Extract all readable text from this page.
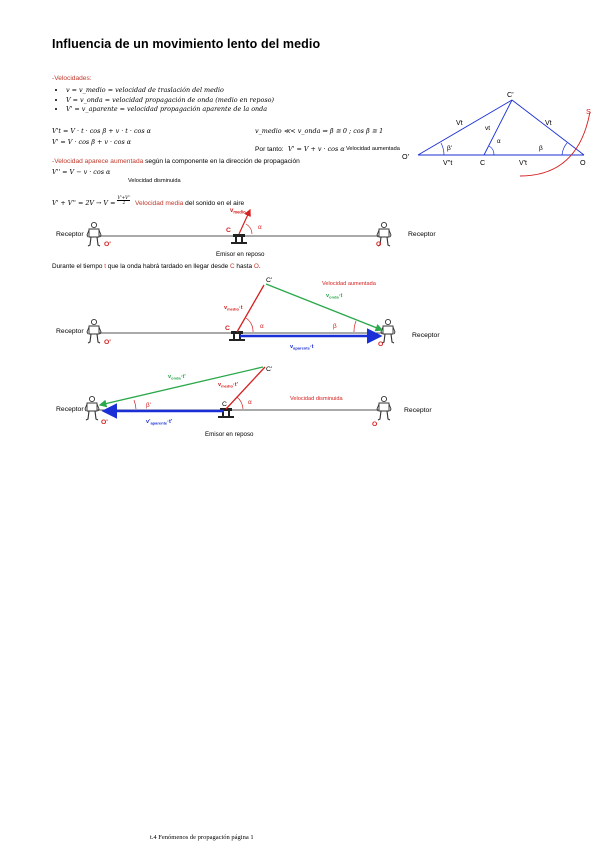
Influencia de un movimiento lento del medio
-Velocidades:
• v = v_medio = velocidad de traslación del medio
• V = v_onda = velocidad propagación de onda (medio en reposo)
• V' = v_aparente = velocidad propagación aparente de la onda
V't = V · t · cos β + v · t · cos α
V' = V · cos β + v · cos α
v_medio ≪< v_onda ⇒ β ≅ 0 ; cos β ≅ 1
Por tanto: V' = V + v · cos α Velocidad aumentada
-Velocidad aparece aumentada según la componente en la dirección de propagación
V'' = V − v · cos α
Velocidad disminuida
$V' + V'' = 2V \to V = \frac{V'+V''}{2}$ Velocidad media del sonido en el aire
C'
S
Vt
vt
Vt
α
β'	β
O'
C	O
V''t	V't
Receptor	Receptor
O'	O
C
$v_{medio}$
α
Emisor en reposo
Velocidad aumentada
C'
$v_{onda}\cdot t$
$v_{medio}\cdot t$
Receptor
Receptor
O'
C
O
α	β
$v_{aparente}\cdot t$
C'
$v_{onda}\cdot t'$
$v_{medio}\cdot t'$
Velocidad disminuida
Receptor	Receptor
β'	C	α
O'	O
$v'_{aparente}\cdot t'$
Emisor en reposo
Durante el tiempo t que la onda habrá tardado en llegar desde C hasta O.
t.4 Fenómenos de propagación página 1
